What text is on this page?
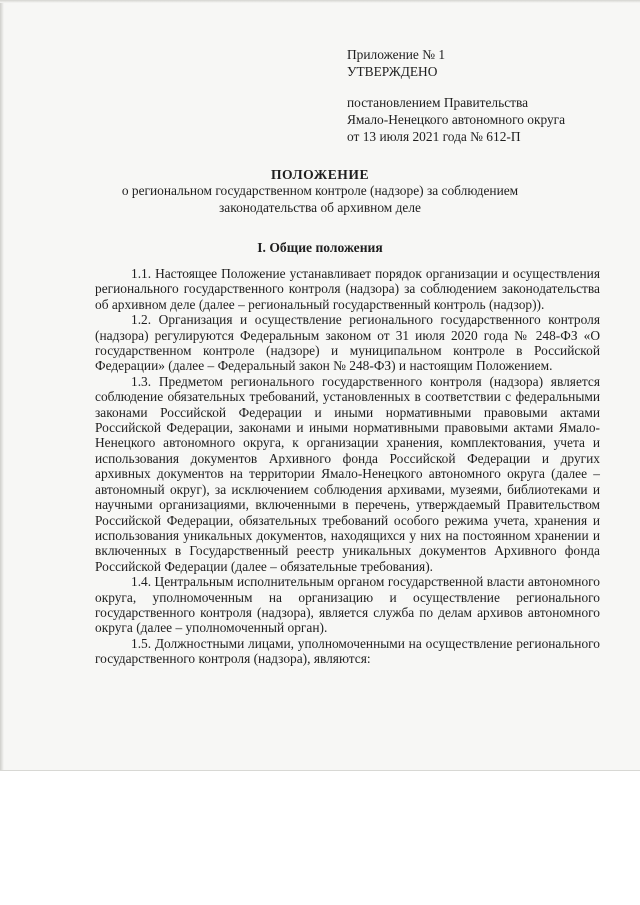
Приложение № 1
УТВЕРЖДЕНО
постановлением Правительства
Ямало-Ненецкого автономного округа
от 13 июля 2021 года № 612-П
ПОЛОЖЕНИЕ
о региональном государственном контроле (надзоре) за соблюдением
законодательства об архивном деле
I. Общие положения

1.1. Настоящее Положение устанавливает порядок организации и осуществления регионального государственного контроля (надзора) за соблюдением законодательства об архивном деле (далее – региональный государственный контроль (надзор)).

1.2. Организация и осуществление регионального государственного контроля (надзора) регулируются Федеральным законом от 31 июля 2020 года № 248-ФЗ «О государственном контроле (надзоре) и муниципальном контроле в Российской Федерации» (далее – Федеральный закон № 248-ФЗ) и настоящим Положением.

1.3. Предметом регионального государственного контроля (надзора) является соблюдение обязательных требований, установленных в соответствии с федеральными законами Российской Федерации и иными нормативными правовыми актами Российской Федерации, законами и иными нормативными правовыми актами Ямало-Ненецкого автономного округа, к организации хранения, комплектования, учета и использования документов Архивного фонда Российской Федерации и других архивных документов на территории Ямало-Ненецкого автономного округа (далее – автономный округ), за исключением соблюдения архивами, музеями, библиотеками и научными организациями, включенными в перечень, утверждаемый Правительством Российской Федерации, обязательных требований особого режима учета, хранения и использования уникальных документов, находящихся у них на постоянном хранении и включенных в Государственный реестр уникальных документов Архивного фонда Российской Федерации (далее – обязательные требования).

1.4. Центральным исполнительным органом государственной власти автономного округа, уполномоченным на организацию и осуществление регионального государственного контроля (надзора), является служба по делам архивов автономного округа (далее – уполномоченный орган).

1.5. Должностными лицами, уполномоченными на осуществление регионального государственного контроля (надзора), являются:
